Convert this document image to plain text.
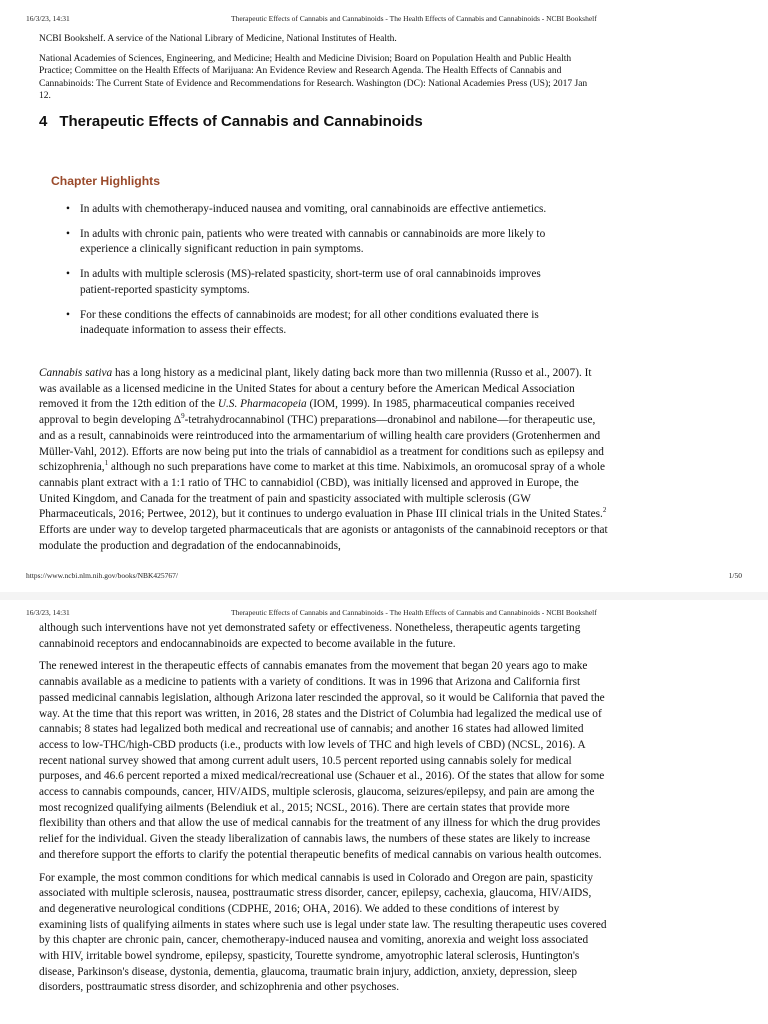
16/3/23, 14:31	Therapeutic Effects of Cannabis and Cannabinoids - The Health Effects of Cannabis and Cannabinoids - NCBI Bookshelf
NCBI Bookshelf. A service of the National Library of Medicine, National Institutes of Health.
National Academies of Sciences, Engineering, and Medicine; Health and Medicine Division; Board on Population Health and Public Health Practice; Committee on the Health Effects of Marijuana: An Evidence Review and Research Agenda. The Health Effects of Cannabis and Cannabinoids: The Current State of Evidence and Recommendations for Research. Washington (DC): National Academies Press (US); 2017 Jan 12.
4 Therapeutic Effects of Cannabis and Cannabinoids
Chapter Highlights
• In adults with chemotherapy-induced nausea and vomiting, oral cannabinoids are effective antiemetics.
• In adults with chronic pain, patients who were treated with cannabis or cannabinoids are more likely to experience a clinically significant reduction in pain symptoms.
• In adults with multiple sclerosis (MS)-related spasticity, short-term use of oral cannabinoids improves patient-reported spasticity symptoms.
• For these conditions the effects of cannabinoids are modest; for all other conditions evaluated there is inadequate information to assess their effects.

Cannabis sativa has a long history as a medicinal plant, likely dating back more than two millennia (Russo et al., 2007). It was available as a licensed medicine in the United States for about a century before the American Medical Association removed it from the 12th edition of the U.S. Pharmacopeia (IOM, 1999). In 1985, pharmaceutical companies received approval to begin developing $\Delta^9$-tetrahydrocannabinol (THC) preparations—dronabinol and nabilone—for therapeutic use, and as a result, cannabinoids were reintroduced into the armamentarium of willing health care providers (Grotenhermen and Müller-Vahl, 2012). Efforts are now being put into the trials of cannabidiol as a treatment for conditions such as epilepsy and schizophrenia,$^1$ although no such preparations have come to market at this time. Nabiximols, an oromucosal spray of a whole cannabis plant extract with a 1:1 ratio of THC to cannabidiol (CBD), was initially licensed and approved in Europe, the United Kingdom, and Canada for the treatment of pain and spasticity associated with multiple sclerosis (GW Pharmaceuticals, 2016; Pertwee, 2012), but it continues to undergo evaluation in Phase III clinical trials in the United States.$^2$ Efforts are under way to develop targeted pharmaceuticals that are agonists or antagonists of the cannabinoid receptors or that modulate the production and degradation of the endocannabinoids,

https://www.ncbi.nlm.nih.gov/books/NBK425767/	1/50
16/3/23, 14:31	Therapeutic Effects of Cannabis and Cannabinoids - The Health Effects of Cannabis and Cannabinoids - NCBI Bookshelf

although such interventions have not yet demonstrated safety or effectiveness. Nonetheless, therapeutic agents targeting cannabinoid receptors and endocannabinoids are expected to become available in the future.

The renewed interest in the therapeutic effects of cannabis emanates from the movement that began 20 years ago to make cannabis available as a medicine to patients with a variety of conditions. It was in 1996 that Arizona and California first passed medicinal cannabis legislation, although Arizona later rescinded the approval, so it would be California that paved the way. At the time that this report was written, in 2016, 28 states and the District of Columbia had legalized the medical use of cannabis; 8 states had legalized both medical and recreational use of cannabis; and another 16 states had allowed limited access to low-THC/high-CBD products (i.e., products with low levels of THC and high levels of CBD) (NCSL, 2016). A recent national survey showed that among current adult users, 10.5 percent reported using cannabis solely for medical purposes, and 46.6 percent reported a mixed medical/recreational use (Schauer et al., 2016). Of the states that allow for some access to cannabis compounds, cancer, HIV/AIDS, multiple sclerosis, glaucoma, seizures/epilepsy, and pain are among the most recognized qualifying ailments (Belendiuk et al., 2015; NCSL, 2016). There are certain states that provide more flexibility than others and that allow the use of medical cannabis for the treatment of any illness for which the drug provides relief for the individual. Given the steady liberalization of cannabis laws, the numbers of these states are likely to increase and therefore support the efforts to clarify the potential therapeutic benefits of medical cannabis on various health outcomes.

For example, the most common conditions for which medical cannabis is used in Colorado and Oregon are pain, spasticity associated with multiple sclerosis, nausea, posttraumatic stress disorder, cancer, epilepsy, cachexia, glaucoma, HIV/AIDS, and degenerative neurological conditions (CDPHE, 2016; OHA, 2016). We added to these conditions of interest by examining lists of qualifying ailments in states where such use is legal under state law. The resulting therapeutic uses covered by this chapter are chronic pain, cancer, chemotherapy-induced nausea and vomiting, anorexia and weight loss associated with HIV, irritable bowel syndrome, epilepsy, spasticity, Tourette syndrome, amyotrophic lateral sclerosis, Huntington's disease, Parkinson's disease, dystonia, dementia, glaucoma, traumatic brain injury, addiction, anxiety, depression, sleep disorders, posttraumatic stress disorder, and schizophrenia and other psychoses.
